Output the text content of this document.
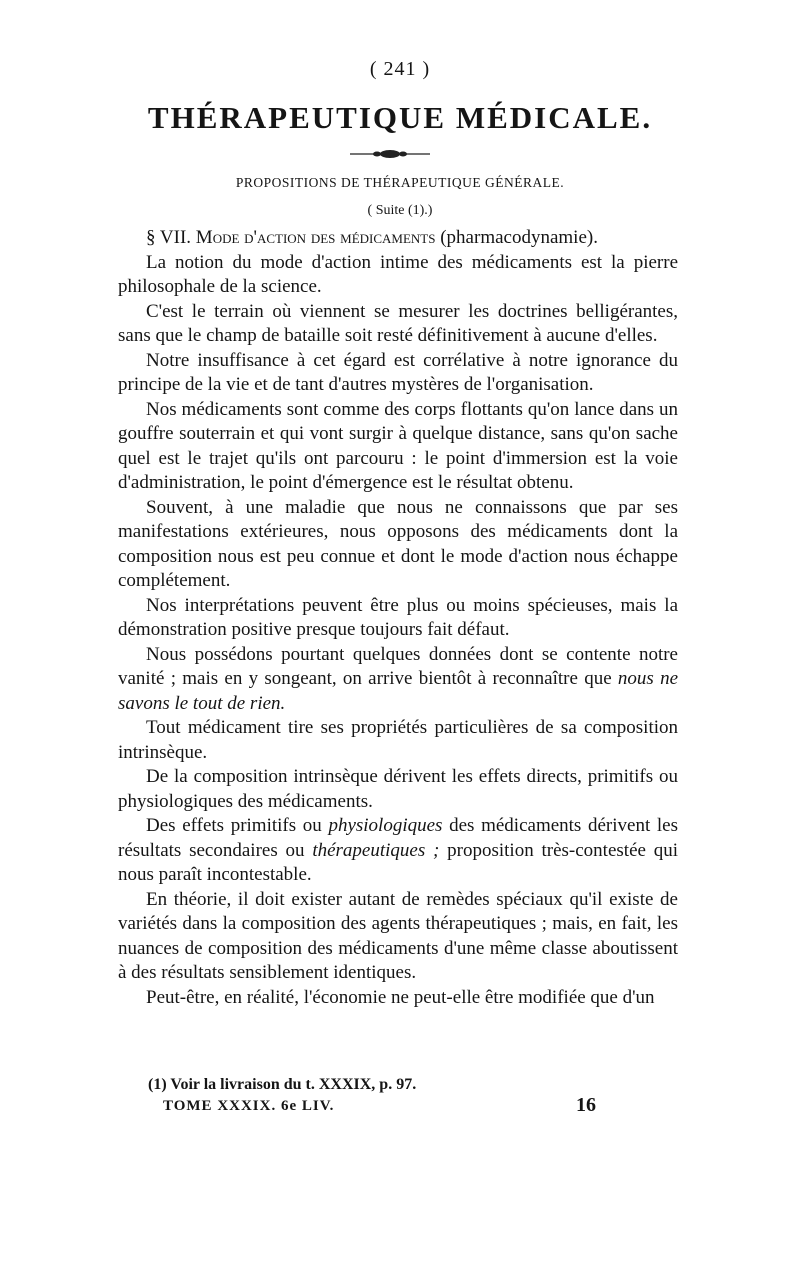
( 241 )
THÉRAPEUTIQUE MÉDICALE.
PROPOSITIONS DE THÉRAPEUTIQUE GÉNÉRALE.
( Suite (1).)

§ VII. Mode d'action des médicaments (pharmacodynamie).

La notion du mode d'action intime des médicaments est la pierre philosophale de la science.

C'est le terrain où viennent se mesurer les doctrines belligérantes, sans que le champ de bataille soit resté définitivement à aucune d'elles.

Notre insuffisance à cet égard est corrélative à notre ignorance du principe de la vie et de tant d'autres mystères de l'organisation.

Nos médicaments sont comme des corps flottants qu'on lance dans un gouffre souterrain et qui vont surgir à quelque distance, sans qu'on sache quel est le trajet qu'ils ont parcouru : le point d'immersion est la voie d'administration, le point d'émergence est le résultat obtenu.

Souvent, à une maladie que nous ne connaissons que par ses manifestations extérieures, nous opposons des médicaments dont la composition nous est peu connue et dont le mode d'action nous échappe complétement.

Nos interprétations peuvent être plus ou moins spécieuses, mais la démonstration positive presque toujours fait défaut.

Nous possédons pourtant quelques données dont se contente notre vanité ; mais en y songeant, on arrive bientôt à reconnaître que nous ne savons le tout de rien.

Tout médicament tire ses propriétés particulières de sa composition intrinsèque.

De la composition intrinsèque dérivent les effets directs, primitifs ou physiologiques des médicaments.

Des effets primitifs ou physiologiques des médicaments dérivent les résultats secondaires ou thérapeutiques ; proposition très-contestée qui nous paraît incontestable.

En théorie, il doit exister autant de remèdes spéciaux qu'il existe de variétés dans la composition des agents thérapeutiques ; mais, en fait, les nuances de composition des médicaments d'une même classe aboutissent à des résultats sensiblement identiques.

Peut-être, en réalité, l'économie ne peut-elle être modifiée que d'un

(1) Voir la livraison du t. XXXIX, p. 97.
TOME XXXIX. 6e LIV.	16
